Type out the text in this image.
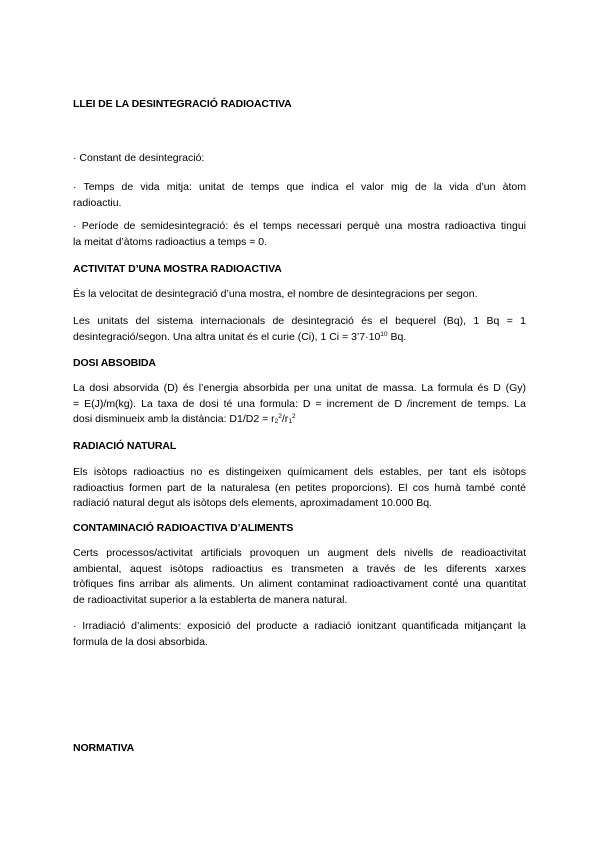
LLEI DE LA DESINTEGRACIÓ RADIOACTIVA

· Constant de desintegració:

· Temps de vida mitja: unitat de temps que indica el valor mig de la vida d’un àtom
radioactiu.

· Període de semidesintegració: és el temps necessari perquè una mostra radioactiva tingui
la meitat d’àtoms radioactius a temps = 0.

ACTIVITAT D’UNA MOSTRA RADIOACTIVA

És la velocitat de desintegració d’una mostra, el nombre de desintegracions per segon.

Les unitats del sistema internacionals de desintegració és el bequerel (Bq), 1 Bq = 1
desintegració/segon. Una altra unitat és el curie (Ci), 1 $Ci = 3’7\cdot 10^{10}$ Bq.

DOSI ABSOBIDA

La dosi absorvida (D) és l’energia absorbida per una unitat de massa. La formula és D (Gy)
= E(J)/m(kg). La taxa de dosi té una formula: D = increment de D /increment de temps. La
dosi disminueix amb la distància: $D1/D2 = r_2^2/r_1^2$

RADIACIÓ NATURAL

Els isòtops radioactius no es distingeixen químicament dels estables, per tant els isòtops
radioactius formen part de la naturalesa (en petites proporcions). El cos humà també conté
radiació natural degut als isòtops dels elements, aproximadament 10.000 Bq.

CONTAMINACIÓ RADIOACTIVA D’ALIMENTS

Certs processos/activitat artificials provoquen un augment dels nivells de readioactivitat
ambiental, aquest isòtops radioactius es transmeten a través de les diferents xarxes
tròfiques fins arribar als aliments. Un aliment contaminat radioactivament conté una quantitat
de radioactivitat superior a la establerta de manera natural.

· Irradiació d’aliments: exposició del producte a radiació ionitzant quantificada mitjançant la
formula de la dosi absorbida.

NORMATIVA
